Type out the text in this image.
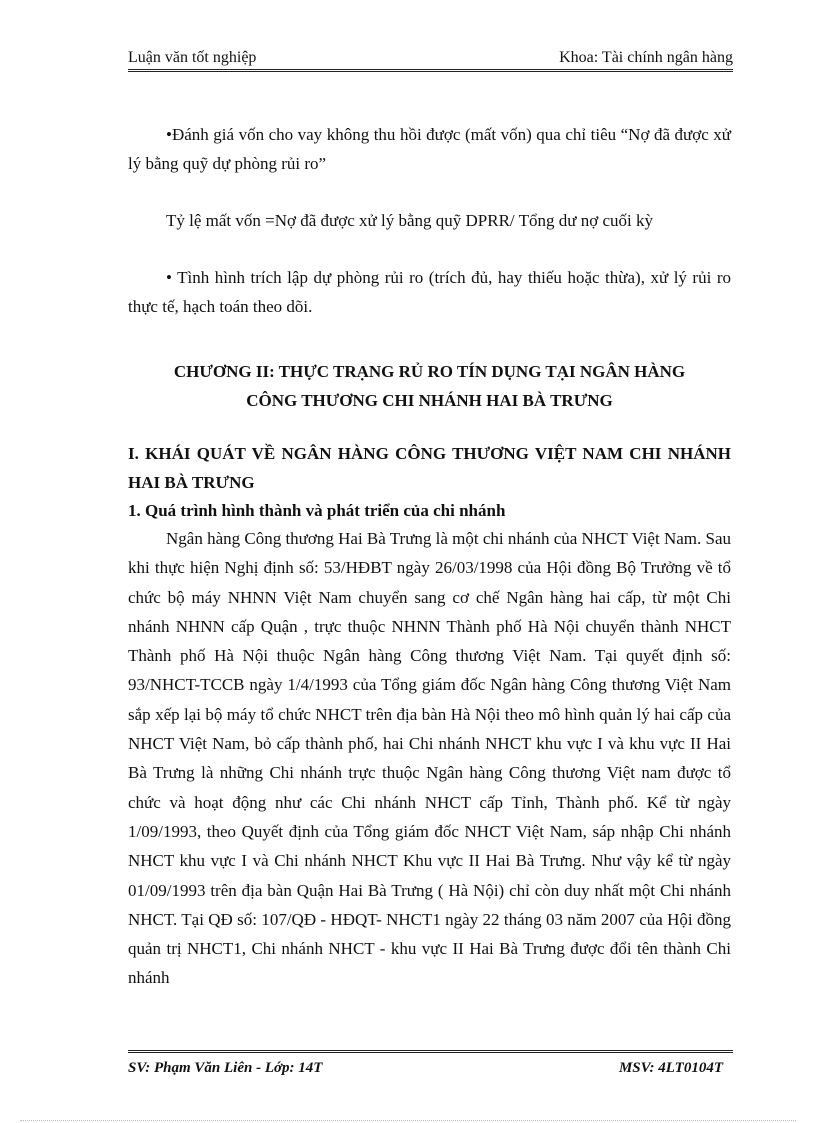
Luận văn tốt nghiệp	Khoa: Tài chính ngân hàng

•Đánh giá vốn cho vay không thu hồi được (mất vốn) qua chỉ tiêu “Nợ đã được xử lý bằng quỹ dự phòng rủi ro”

Tỷ lệ mất vốn =Nợ đã được xử lý bằng quỹ DPRR/ Tổng dư nợ cuối kỳ

• Tình hình trích lập dự phòng rủi ro (trích đủ, hay thiếu hoặc thừa), xử lý rủi ro thực tế, hạch toán theo dõi.

CHƯƠNG II: THỰC TRẠNG RỦ RO TÍN DỤNG TẠI NGÂN HÀNG
CÔNG THƯƠNG CHI NHÁNH HAI BÀ TRƯNG

I. KHÁI QUÁT VỀ NGÂN HÀNG CÔNG THƯƠNG VIỆT NAM CHI NHÁNH HAI BÀ TRƯNG

1. Quá trình hình thành và phát triển của chi nhánh

Ngân hàng Công thương Hai Bà Trưng là một chi nhánh của NHCT Việt Nam. Sau khi thực hiện Nghị định số: 53/HĐBT ngày 26/03/1998 của Hội đồng Bộ Trưởng về tổ chức bộ máy NHNN Việt Nam chuyển sang cơ chế Ngân hàng hai cấp, từ một Chi nhánh NHNN cấp Quận , trực thuộc NHNN Thành phố Hà Nội chuyển thành NHCT Thành phố Hà Nội thuộc Ngân hàng Công thương Việt Nam. Tại quyết định số: 93/NHCT-TCCB ngày 1/4/1993 của Tổng giám đốc Ngân hàng Công thương Việt Nam sắp xếp lại bộ máy tổ chức NHCT trên địa bàn Hà Nội theo mô hình quản lý hai cấp của NHCT Việt Nam, bỏ cấp thành phố, hai Chi nhánh NHCT khu vực I và khu vực II Hai Bà Trưng là những Chi nhánh trực thuộc Ngân hàng Công thương Việt nam được tổ chức và hoạt động như các Chi nhánh NHCT cấp Tỉnh, Thành phố. Kể từ ngày 1/09/1993, theo Quyết định của Tổng giám đốc NHCT Việt Nam, sáp nhập Chi nhánh NHCT khu vực I và Chi nhánh NHCT Khu vực II Hai Bà Trưng. Như vậy kể từ ngày 01/09/1993 trên địa bàn Quận Hai Bà Trưng ( Hà Nội) chỉ còn duy nhất một Chi nhánh NHCT. Tại QĐ số: 107/QĐ - HĐQT- NHCT1 ngày 22 tháng 03 năm 2007 của Hội đồng quản trị NHCT1, Chi nhánh NHCT - khu vực II Hai Bà Trưng được đổi tên thành Chi nhánh

SV: Phạm Văn Liên - Lớp: 14T	MSV: 4LT0104T
